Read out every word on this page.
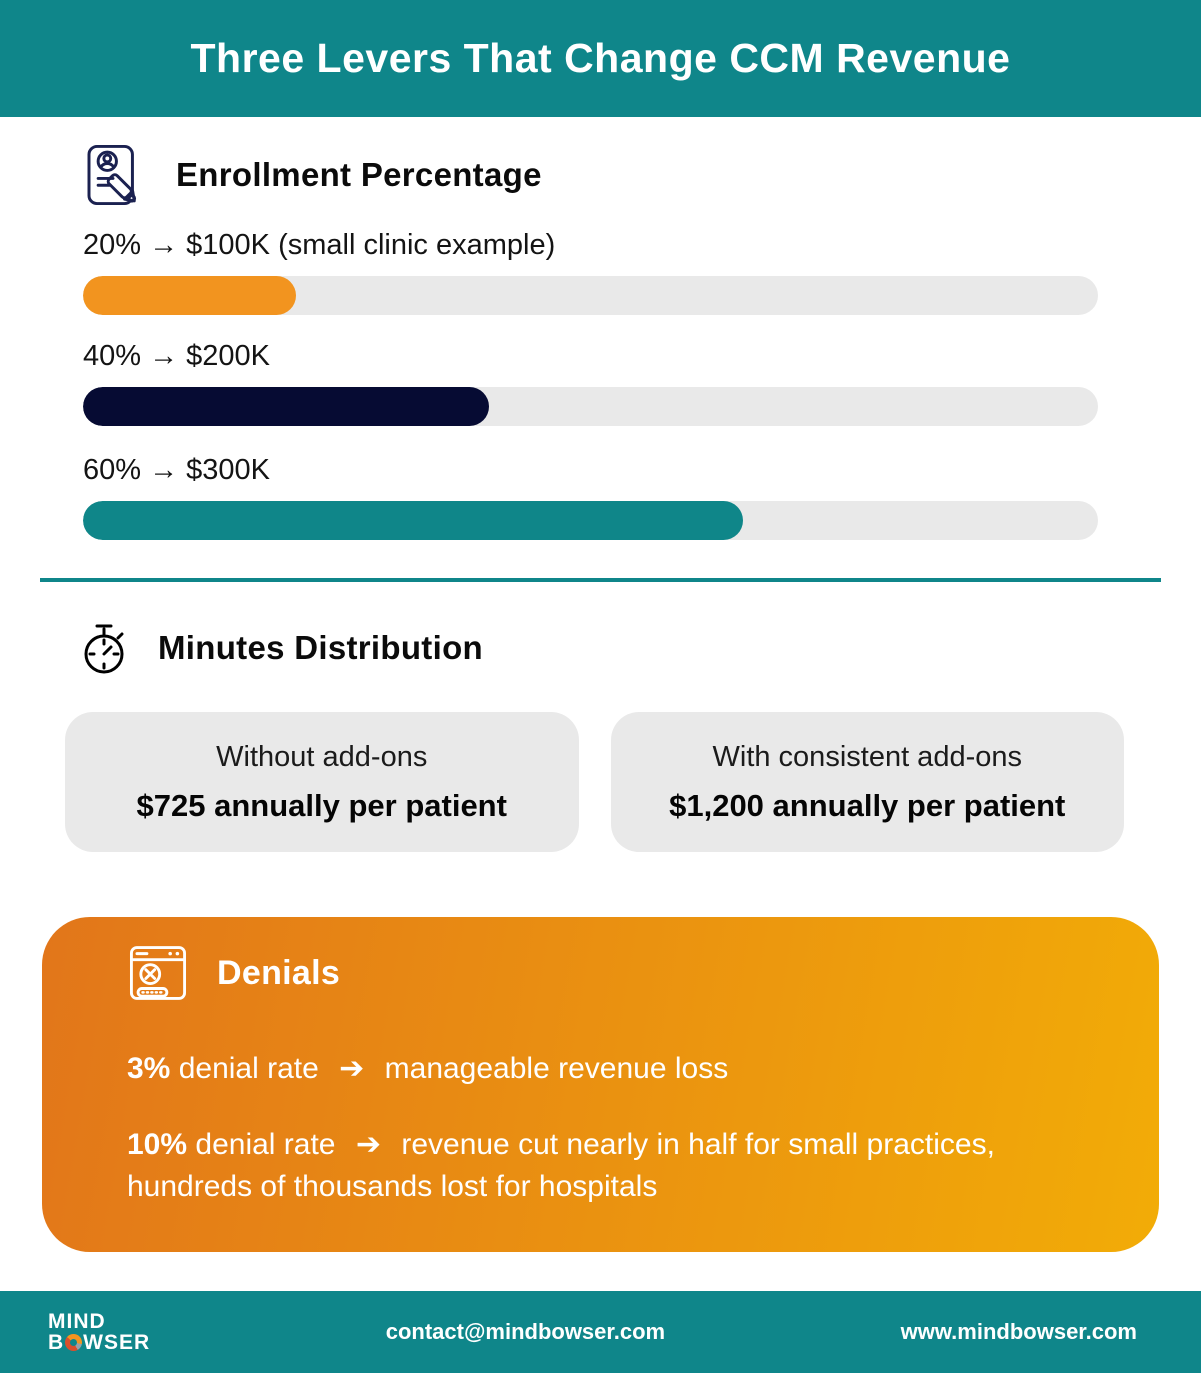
Three Levers That Change CCM Revenue
Enrollment Percentage
20% → $100K (small clinic example)
40% → $200K
60% → $300K
Minutes Distribution
Without add-ons
$725 annually per patient
With consistent add-ons
$1,200 annually per patient
Denials

3% denial rate ➔ manageable revenue loss

10% denial rate ➔ revenue cut nearly in half for small practices, hundreds of thousands lost for hospitals

MIND
B WSER	contact@mindbowser.com	www.mindbowser.com
